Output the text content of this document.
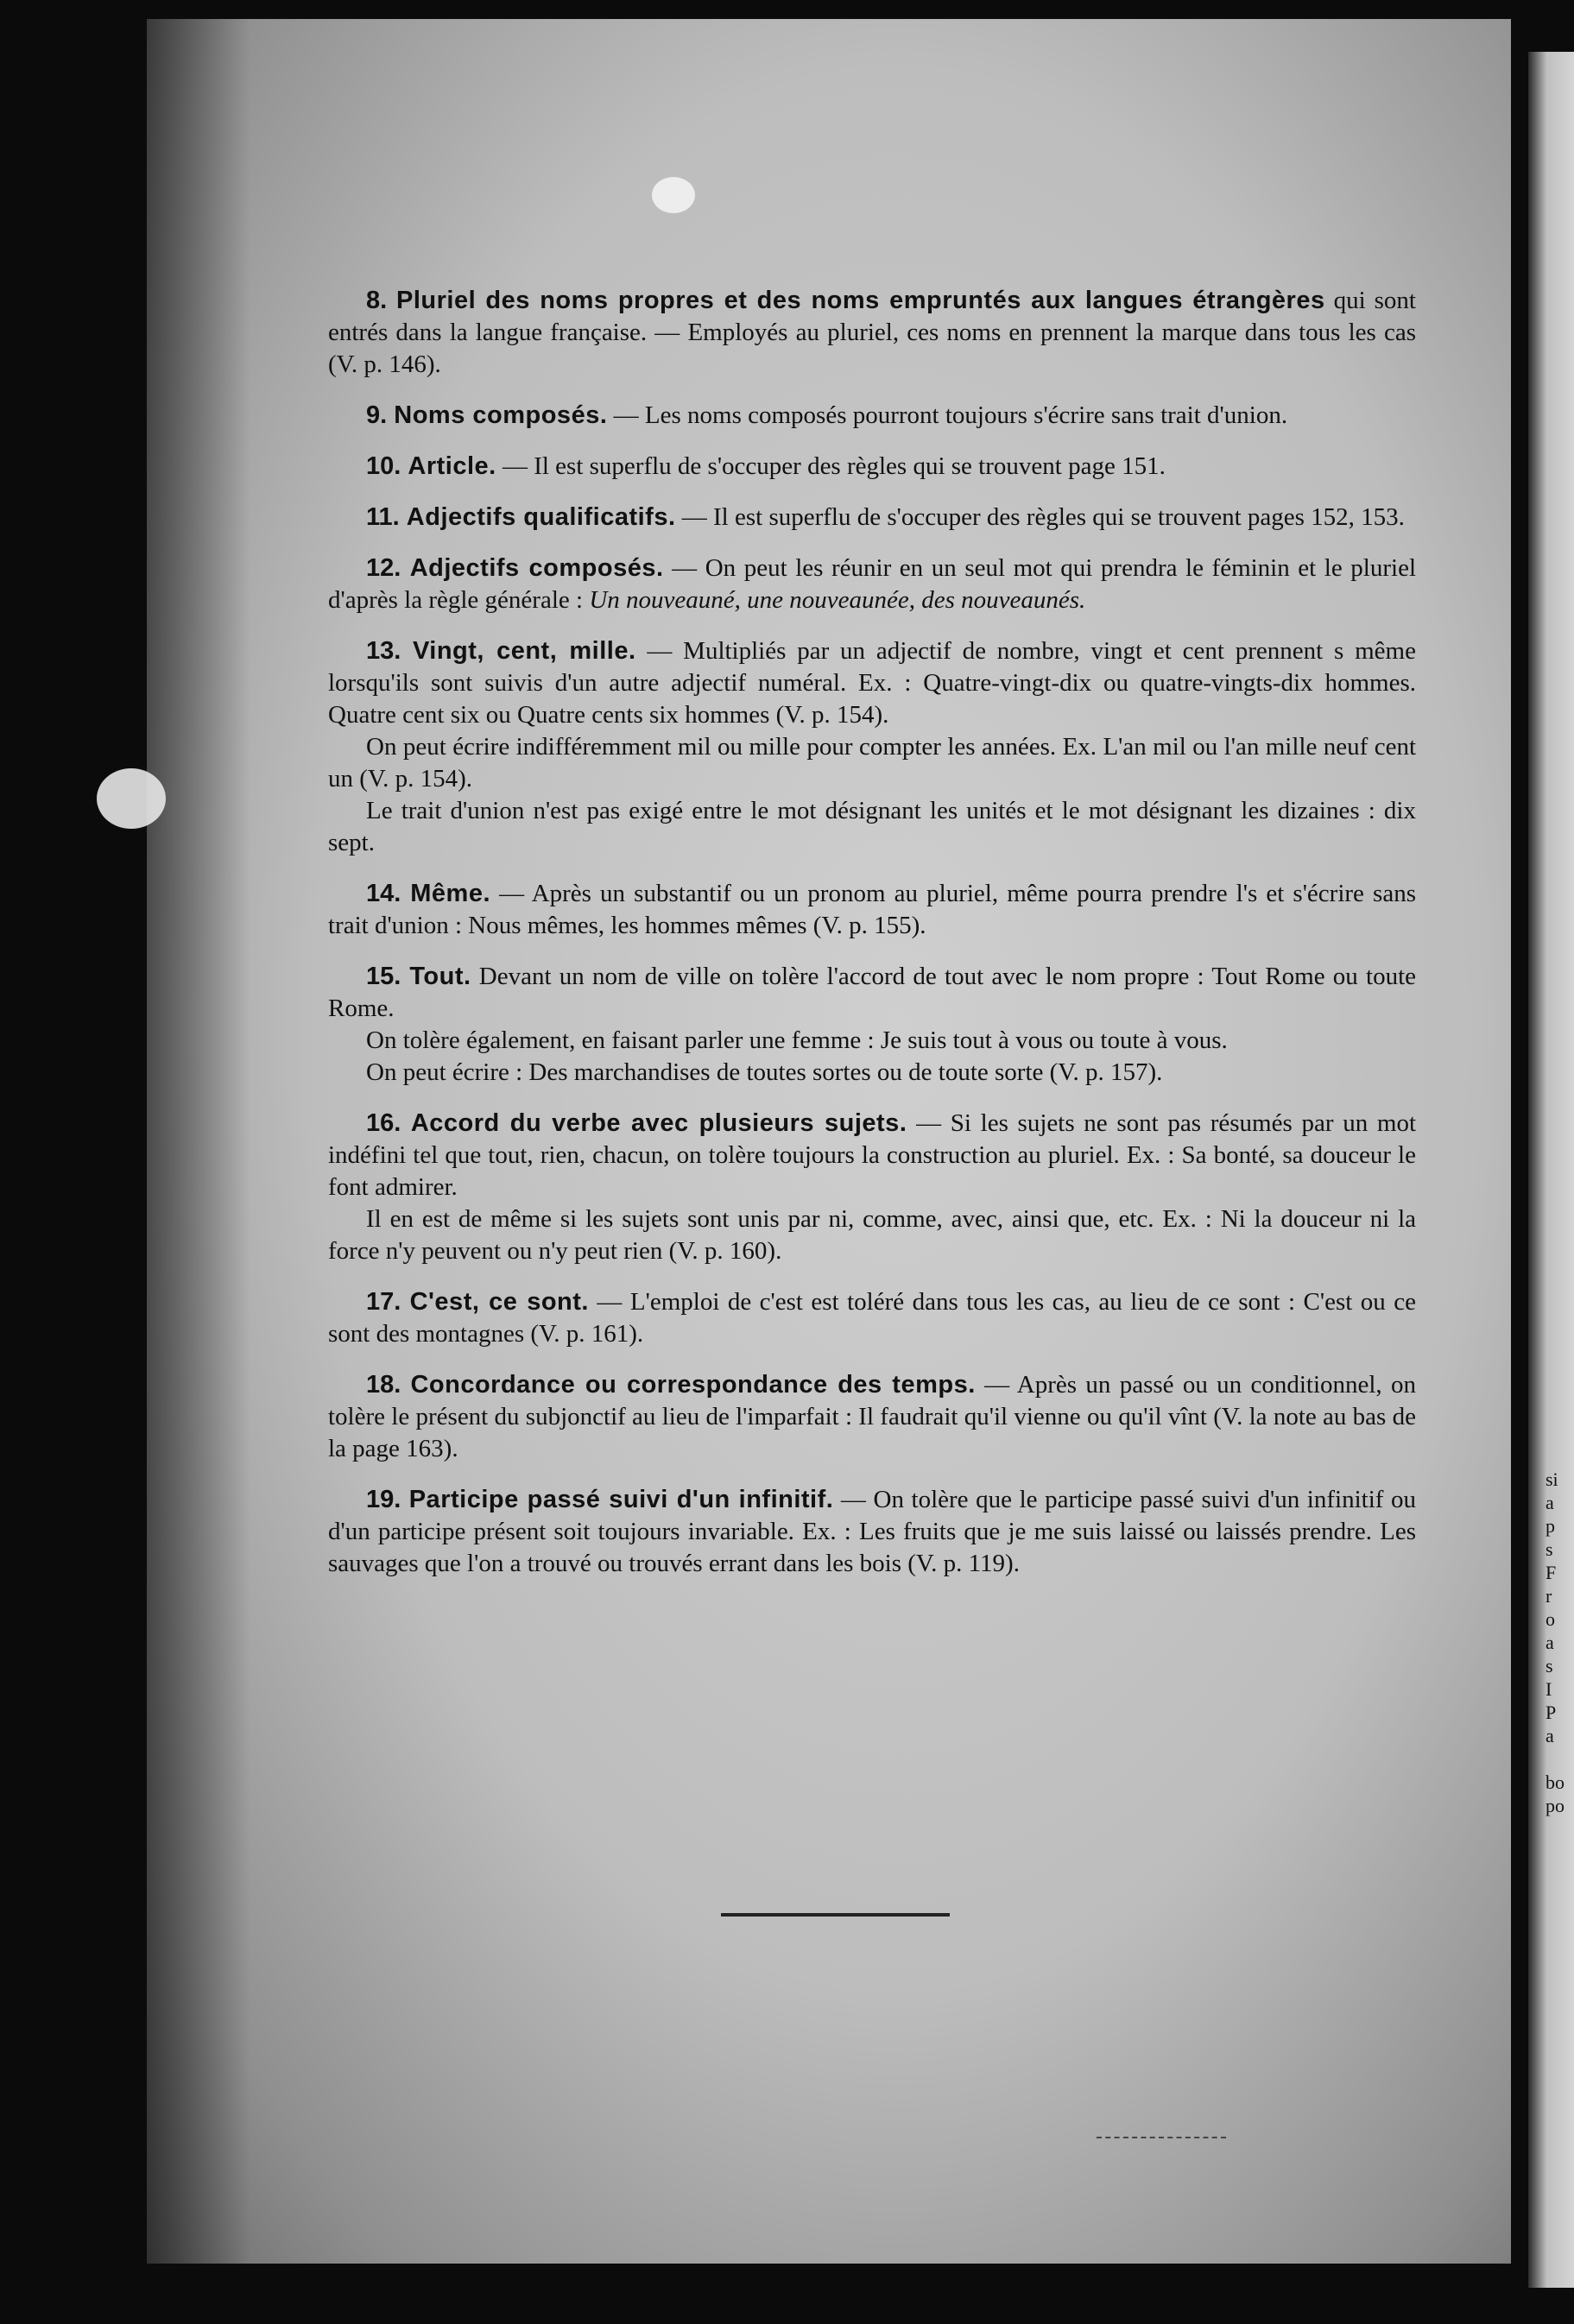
8. Pluriel des noms propres et des noms empruntés aux langues étrangères qui sont entrés dans la langue française. — Employés au pluriel, ces noms en prennent la marque dans tous les cas (V. p. 146).

9. Noms composés. — Les noms composés pourront toujours s'écrire sans trait d'union.

10. Article. — Il est superflu de s'occuper des règles qui se trouvent page 151.

11. Adjectifs qualificatifs. — Il est superflu de s'occuper des règles qui se trouvent pages 152, 153.

12. Adjectifs composés. — On peut les réunir en un seul mot qui prendra le féminin et le pluriel d'après la règle générale : Un nouveauné, une nouveaunée, des nouveaunés.

13. Vingt, cent, mille. — Multipliés par un adjectif de nombre, vingt et cent prennent s même lorsqu'ils sont suivis d'un autre adjectif numéral. Ex. : Quatre-vingt-dix ou quatre-vingts-dix hommes. Quatre cent six ou Quatre cents six hommes (V. p. 154).

On peut écrire indifféremment mil ou mille pour compter les années. Ex. L'an mil ou l'an mille neuf cent un (V. p. 154).

Le trait d'union n'est pas exigé entre le mot désignant les unités et le mot désignant les dizaines : dix sept.

14. Même. — Après un substantif ou un pronom au pluriel, même pourra prendre l's et s'écrire sans trait d'union : Nous mêmes, les hommes mêmes (V. p. 155).

15. Tout. Devant un nom de ville on tolère l'accord de tout avec le nom propre : Tout Rome ou toute Rome.

On tolère également, en faisant parler une femme : Je suis tout à vous ou toute à vous.

On peut écrire : Des marchandises de toutes sortes ou de toute sorte (V. p. 157).

16. Accord du verbe avec plusieurs sujets. — Si les sujets ne sont pas résumés par un mot indéfini tel que tout, rien, chacun, on tolère toujours la construction au pluriel. Ex. : Sa bonté, sa douceur le font admirer.

Il en est de même si les sujets sont unis par ni, comme, avec, ainsi que, etc. Ex. : Ni la douceur ni la force n'y peuvent ou n'y peut rien (V. p. 160).

17. C'est, ce sont. — L'emploi de c'est est toléré dans tous les cas, au lieu de ce sont : C'est ou ce sont des montagnes (V. p. 161).

18. Concordance ou correspondance des temps. — Après un passé ou un conditionnel, on tolère le présent du subjonctif au lieu de l'imparfait : Il faudrait qu'il vienne ou qu'il vînt (V. la note au bas de la page 163).

19. Participe passé suivi d'un infinitif. — On tolère que le participe passé suivi d'un infinitif ou d'un participe présent soit toujours invariable. Ex. : Les fruits que je me suis laissé ou laissés prendre. Les sauvages que l'on a trouvé ou trouvés errant dans les bois (V. p. 119).

si
a
p
s
F
r
o
a
s
I
P
a

bo
po
